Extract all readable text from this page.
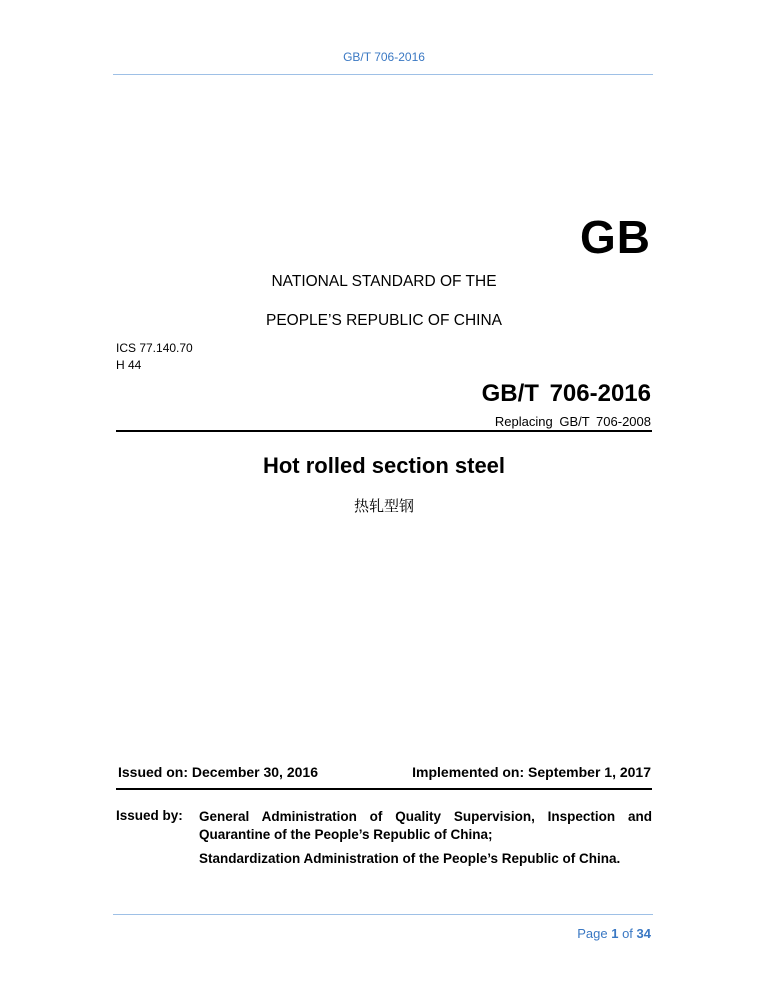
GB/T 706-2016
GB
NATIONAL STANDARD OF THE
PEOPLE’S REPUBLIC OF CHINA
ICS 77.140.70
H 44
GB/T 706-2016
Replacing GB/T 706-2008
Hot rolled section steel
热轧型钢
Issued on: December 30, 2016	Implemented on: September 1, 2017
Issued by: General Administration of Quality Supervision, Inspection and Quarantine of the People’s Republic of China;

Standardization Administration of the People’s Republic of China.

Page 1 of 34
